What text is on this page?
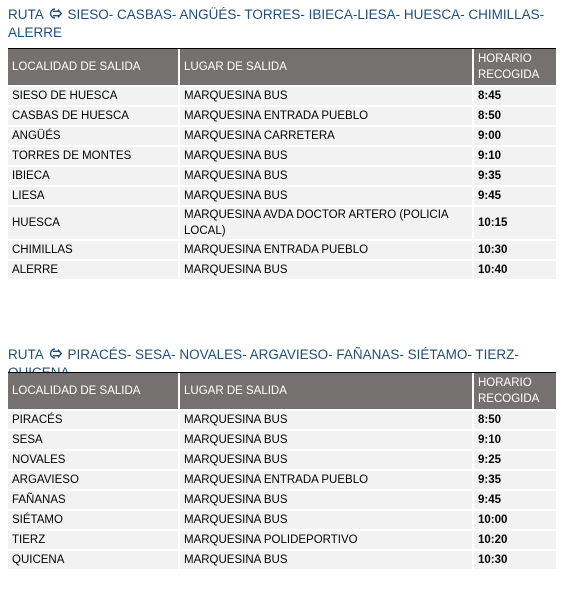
RUTA SIESO- CASBAS- ANGÜÉS- TORRES- IBIECA-LIESA- HUESCA- CHIMILLAS- ALERRE

LOCALIDAD DE SALIDA	LUGAR DE SALIDA	HORARIO RECOGIDA
SIESO DE HUESCA	MARQUESINA BUS	8:45
CASBAS DE HUESCA	MARQUESINA ENTRADA PUEBLO	8:50
ANGÜÉS	MARQUESINA CARRETERA	9:00
TORRES DE MONTES	MARQUESINA BUS	9:10
IBIECA	MARQUESINA BUS	9:35
LIESA	MARQUESINA BUS	9:45
HUESCA	MARQUESINA AVDA DOCTOR ARTERO (POLICIA LOCAL)	10:15
CHIMILLAS	MARQUESINA ENTRADA PUEBLO	10:30
ALERRE	MARQUESINA BUS	10:40

RUTA PIRACÉS- SESA- NOVALES- ARGAVIESO- FAÑANAS- SIÉTAMO- TIERZ-

LOCALIDAD DE SALIDA	LUGAR DE SALIDA	HORARIO RECOGIDA
PIRACÉS	MARQUESINA BUS	8:50
SESA	MARQUESINA BUS	9:10
NOVALES	MARQUESINA BUS	9:25
ARGAVIESO	MARQUESINA ENTRADA PUEBLO	9:35
FAÑANAS	MARQUESINA BUS	9:45
SIÉTAMO	MARQUESINA BUS	10:00
TIERZ	MARQUESINA POLIDEPORTIVO	10:20
QUICENA	MARQUESINA BUS	10:30
